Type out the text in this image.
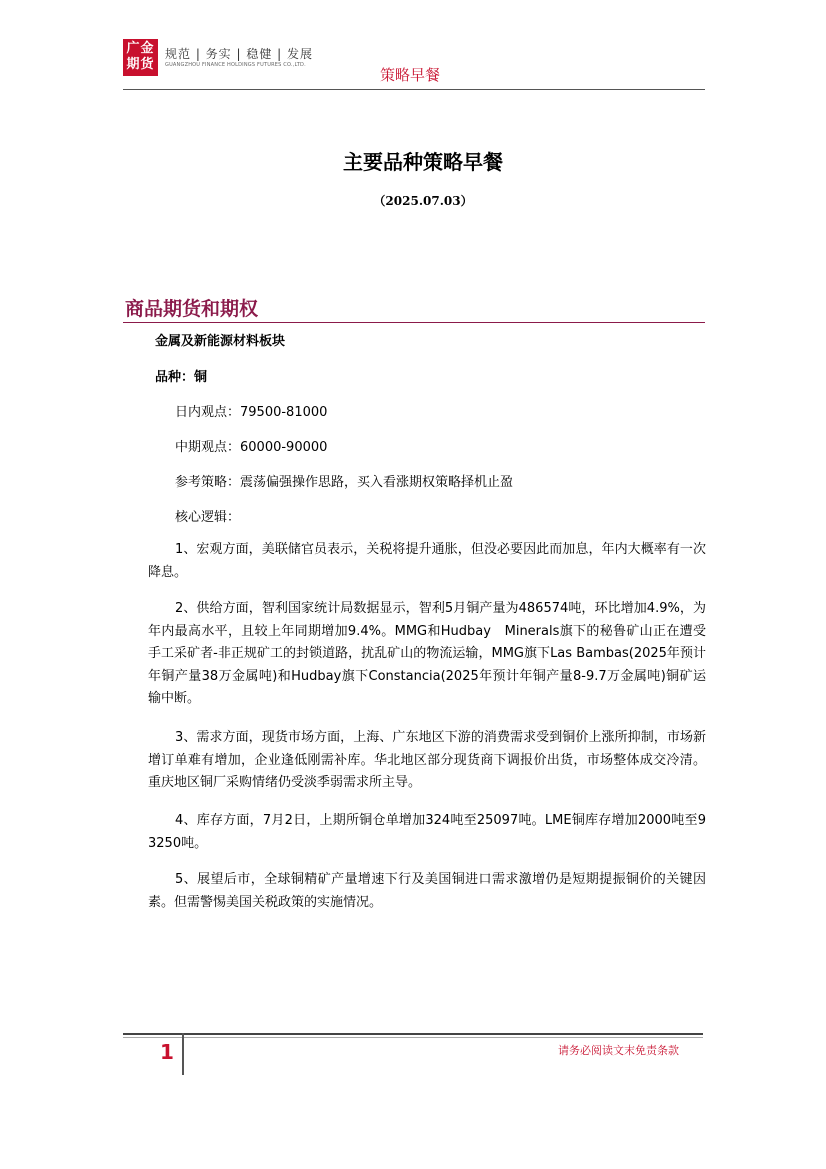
广金
期货
规范 | 务实 | 稳健 | 发展
GUANGZHOU FINANCE HOLDINGS FUTURES CO.,LTD.
策略早餐
主要品种策略早餐
（2025.07.03）
商品期货和期权
金属及新能源材料板块
品种：铜
日内观点：79500-81000
中期观点：60000-90000
参考策略：震荡偏强操作思路，买入看涨期权策略择机止盈
核心逻辑：
1、宏观方面，美联储官员表示，关税将提升通胀，但没必要因此而加息，年内大概率有一次降息。
2、供给方面，智利国家统计局数据显示，智利5月铜产量为486574吨，环比增加4.9%，为年内最高水平，且较上年同期增加9.4%。MMG和Hudbay　Minerals旗下的秘鲁矿山正在遭受手工采矿者-非正规矿工的封锁道路，扰乱矿山的物流运输，MMG旗下Las Bambas(2025年预计年铜产量38万金属吨)和Hudbay旗下Constancia(2025年预计年铜产量8-9.7万金属吨)铜矿运输中断。
3、需求方面，现货市场方面，上海、广东地区下游的消费需求受到铜价上涨所抑制，市场新增订单难有增加，企业逢低刚需补库。华北地区部分现货商下调报价出货，市场整体成交冷清。重庆地区铜厂采购情绪仍受淡季弱需求所主导。
4、库存方面，7月2日，上期所铜仓单增加324吨至25097吨。LME铜库存增加2000吨至93250吨。
5、展望后市，全球铜精矿产量增速下行及美国铜进口需求激增仍是短期提振铜价的关键因素。但需警惕美国关税政策的实施情况。
1	请务必阅读文末免责条款
